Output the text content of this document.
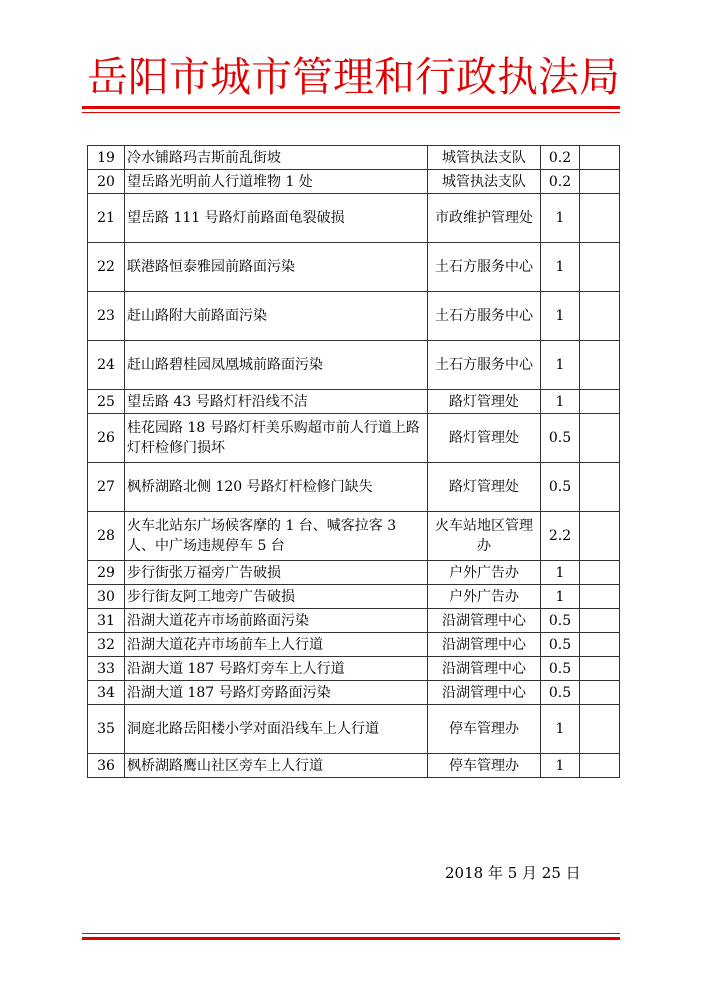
岳阳市城市管理和行政执法局
19	冷水铺路玛吉斯前乱街坡	城管执法支队	0.2	
20	望岳路光明前人行道堆物 1 处	城管执法支队	0.2	
21	望岳路 111 号路灯前路面龟裂破损	市政维护管理处	1	
22	联港路恒泰雅园前路面污染	土石方服务中心	1	
23	赶山路附大前路面污染	土石方服务中心	1	
24	赶山路碧桂园凤凰城前路面污染	土石方服务中心	1	
25	望岳路 43 号路灯杆沿线不洁	路灯管理处	1	
26	桂花园路 18 号路灯杆美乐购超市前人行道上路灯杆检修门损坏	路灯管理处	0.5	
27	枫桥湖路北侧 120 号路灯杆检修门缺失	路灯管理处	0.5	
28	火车北站东广场候客摩的 1 台、喊客拉客 3 人、中广场违规停车 5 台	火车站地区管理办	2.2	
29	步行街张万福旁广告破损	户外广告办	1	
30	步行街友阿工地旁广告破损	户外广告办	1	
31	沿湖大道花卉市场前路面污染	沿湖管理中心	0.5	
32	沿湖大道花卉市场前车上人行道	沿湖管理中心	0.5	
33	沿湖大道 187 号路灯旁车上人行道	沿湖管理中心	0.5	
34	沿湖大道 187 号路灯旁路面污染	沿湖管理中心	0.5	
35	洞庭北路岳阳楼小学对面沿线车上人行道	停车管理办	1	
36	枫桥湖路鹰山社区旁车上人行道	停车管理办	1	
2018 年 5 月 25 日
